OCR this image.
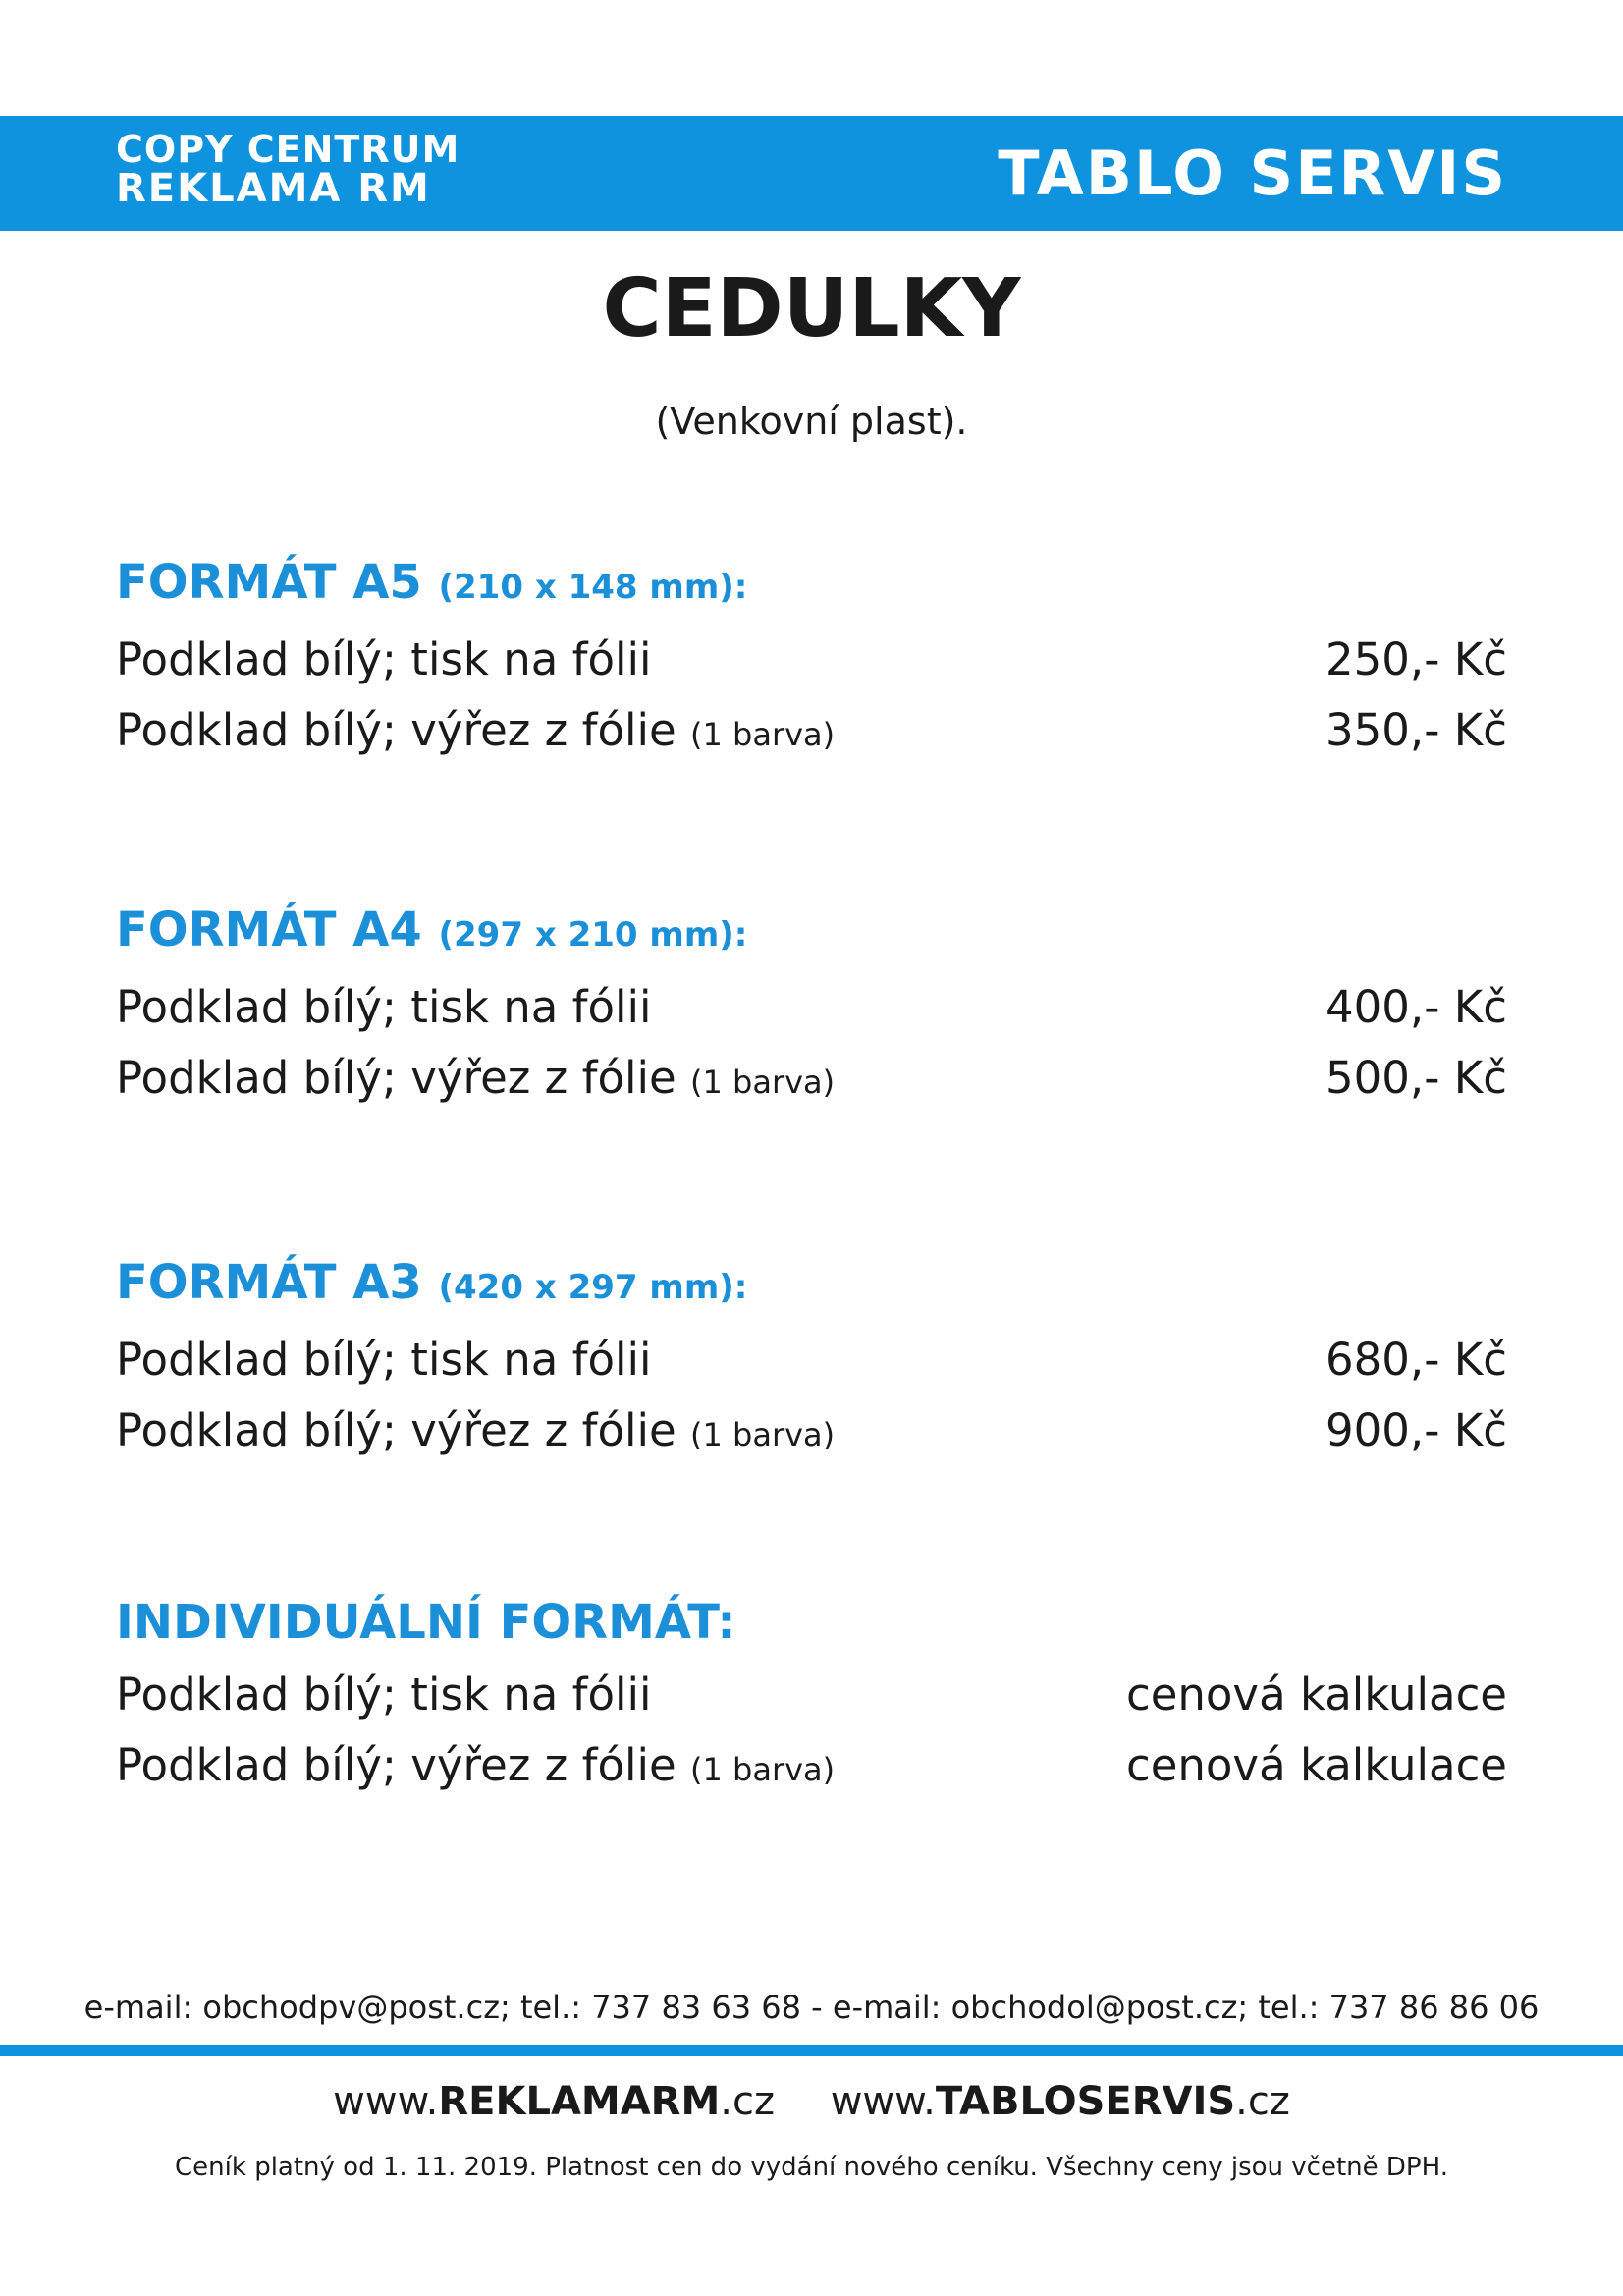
COPY CENTRUM
REKLAMA RM	TABLO SERVIS
CEDULKY
(Venkovní plast).
FORMÁT A5 (210 x 148 mm):
Podklad bílý; tisk na fólii	250,- Kč
Podklad bílý; výřez z fólie (1 barva)	350,- Kč
FORMÁT A4 (297 x 210 mm):
Podklad bílý; tisk na fólii	400,- Kč
Podklad bílý; výřez z fólie (1 barva)	500,- Kč
FORMÁT A3 (420 x 297 mm):
Podklad bílý; tisk na fólii	680,- Kč
Podklad bílý; výřez z fólie (1 barva)	900,- Kč
INDIVIDUÁLNÍ FORMÁT:
Podklad bílý; tisk na fólii	cenová kalkulace
Podklad bílý; výřez z fólie (1 barva)	cenová kalkulace
e-mail: obchodpv@post.cz; tel.: 737 83 63 68 - e-mail: obchodol@post.cz; tel.: 737 86 86 06
www.REKLAMARM.cz www.TABLOSERVIS.cz
Ceník platný od 1. 11. 2019. Platnost cen do vydání nového ceníku. Všechny ceny jsou včetně DPH.
